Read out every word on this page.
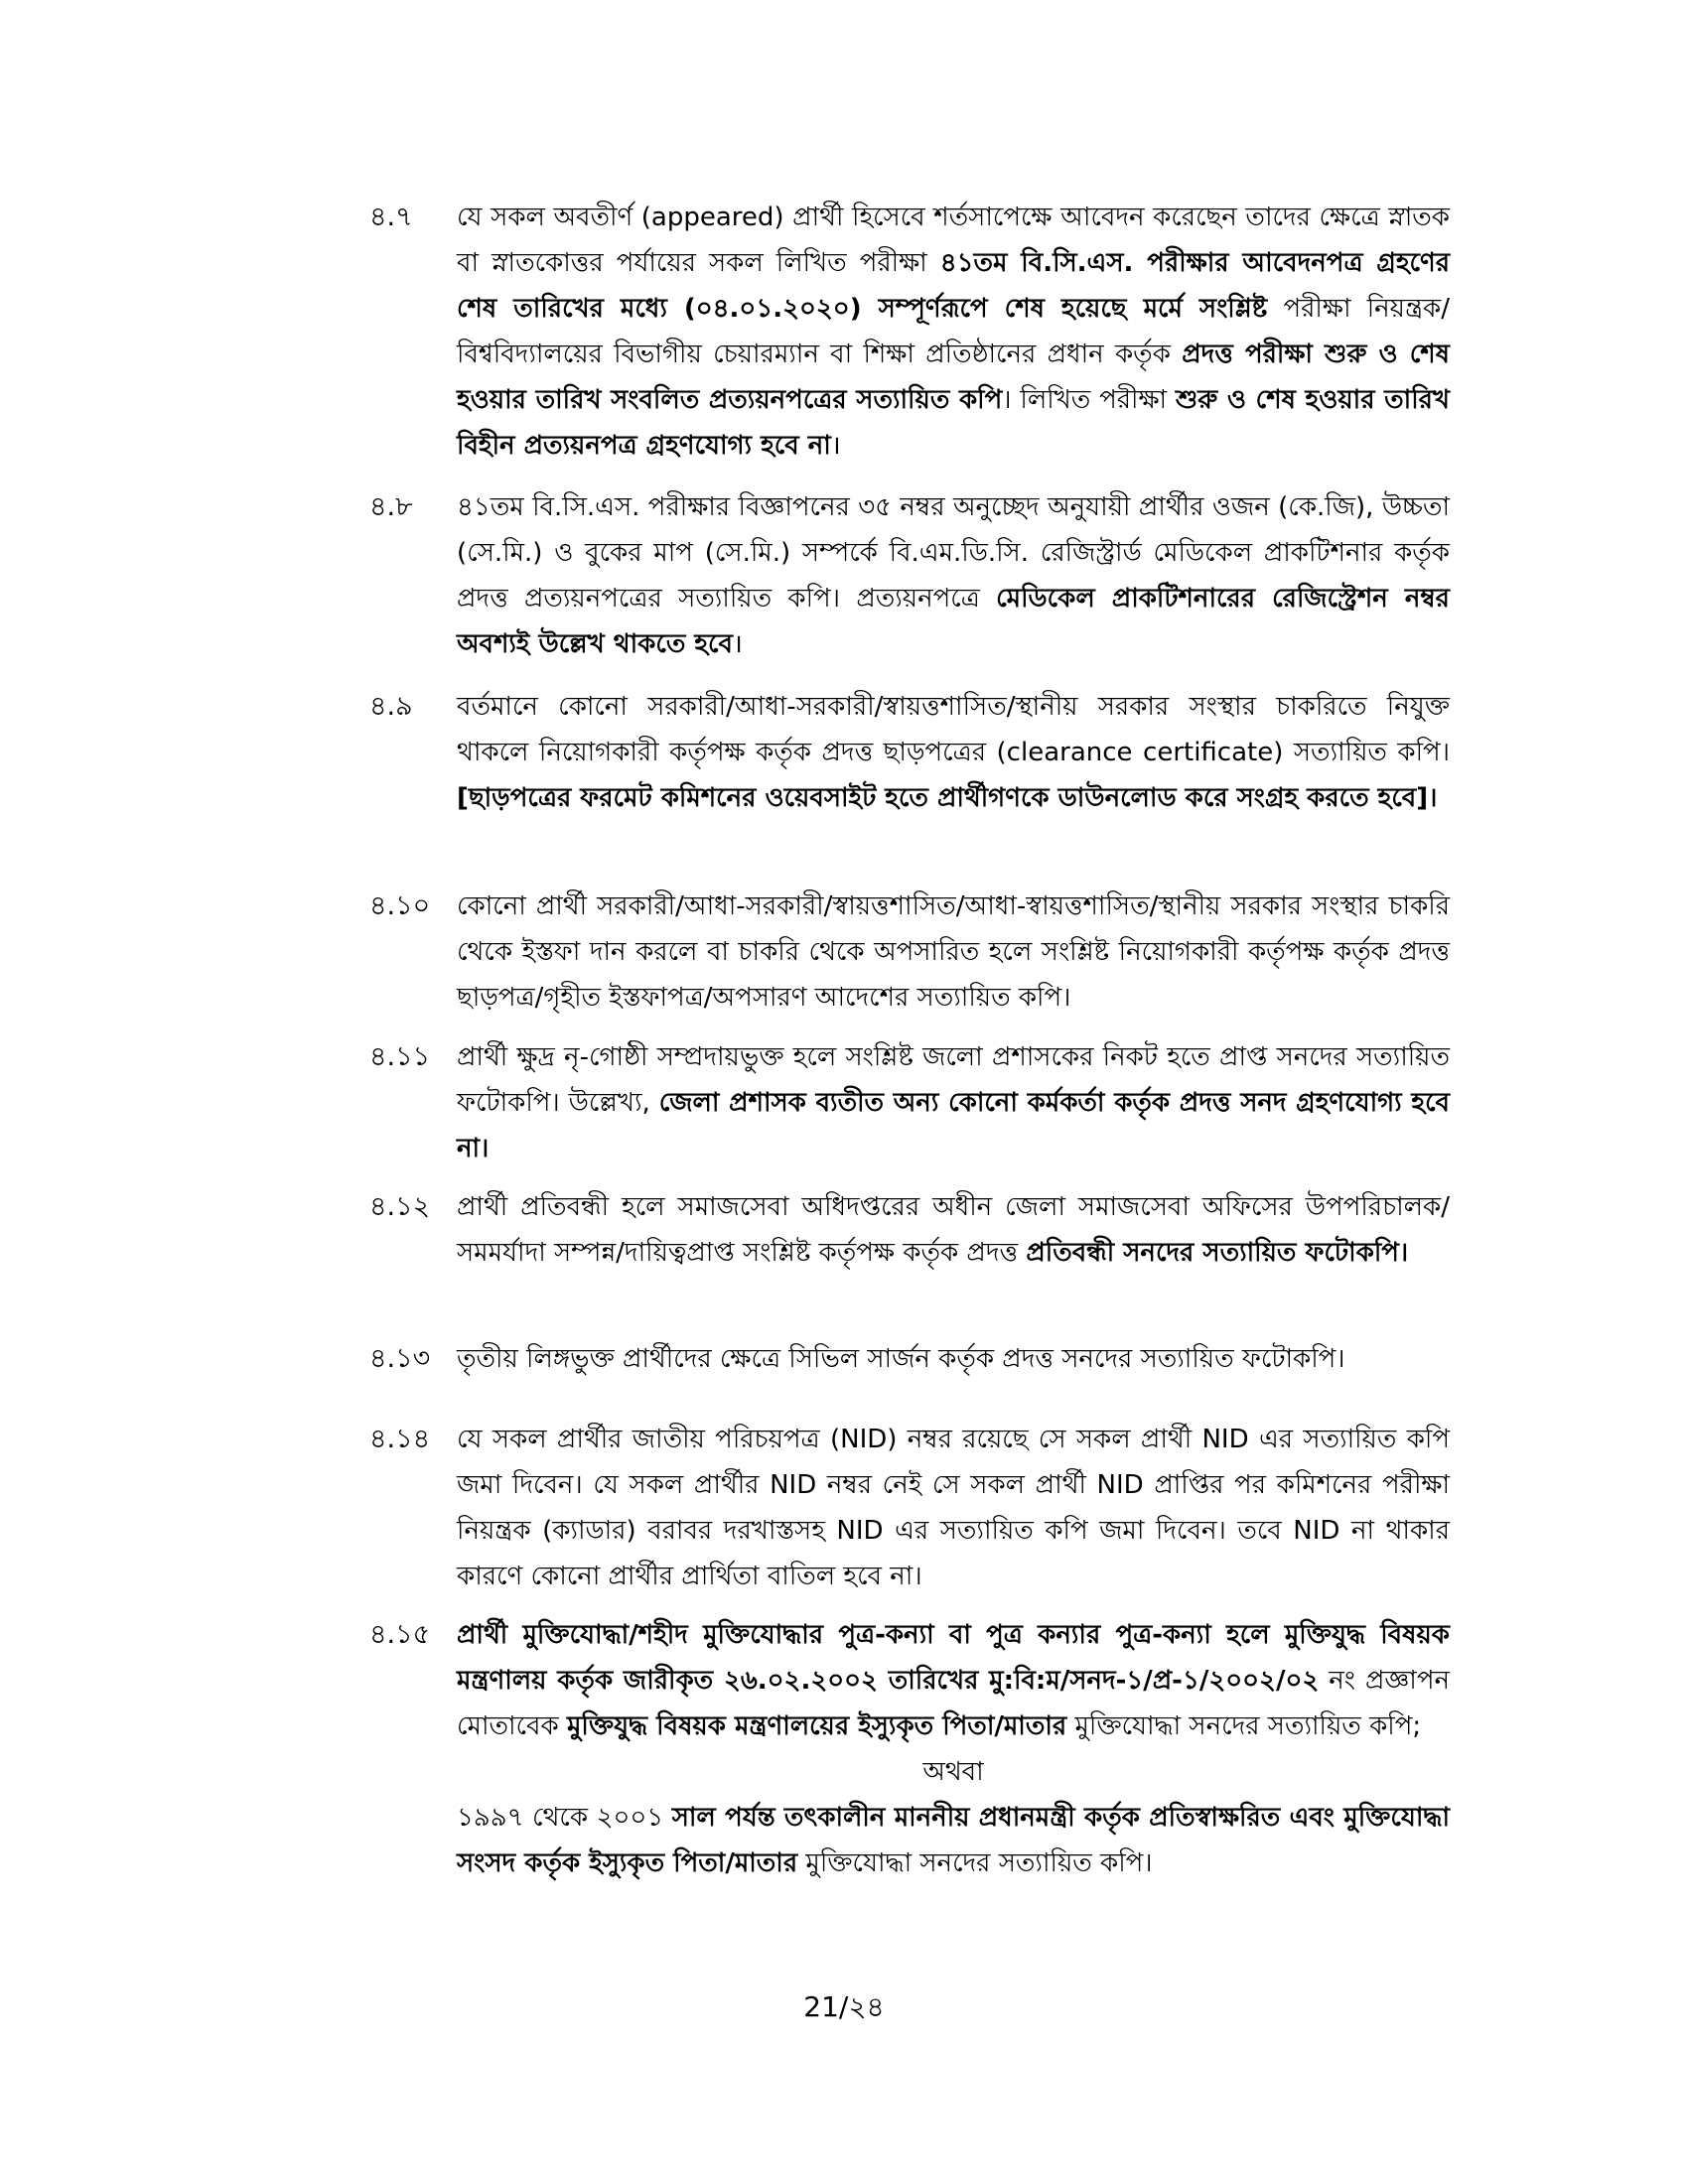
৪.৭ যে সকল অবতীর্ণ (appeared) প্রার্থী হিসেবে শর্তসাপেক্ষে আবেদন করেছেন তাদের ক্ষেত্রে স্নাতক বা স্নাতকোত্তর পর্যায়ের সকল লিখিত পরীক্ষা ৪১তম বি.সি.এস. পরীক্ষার আবেদনপত্র গ্রহণের শেষ তারিখের মধ্যে (০৪.০১.২০২০) সম্পূর্ণরূপে শেষ হয়েছে মর্মে সংশ্লিষ্ট পরীক্ষা নিয়ন্ত্রক/বিশ্ববিদ্যালয়ের বিভাগীয় চেয়ারম্যান বা শিক্ষা প্রতিষ্ঠানের প্রধান কর্তৃক প্রদত্ত পরীক্ষা শুরু ও শেষ হওয়ার তারিখ সংবলিত প্রত্যয়নপত্রের সত্যায়িত কপি। লিখিত পরীক্ষা শুরু ও শেষ হওয়ার তারিখ বিহীন প্রত্যয়নপত্র গ্রহণযোগ্য হবে না।
৪.৮ ৪১তম বি.সি.এস. পরীক্ষার বিজ্ঞাপনের ৩৫ নম্বর অনুচ্ছেদ অনুযায়ী প্রার্থীর ওজন (কে.জি), উচ্চতা (সে.মি.) ও বুকের মাপ (সে.মি.) সম্পর্কে বি.এম.ডি.সি. রেজিস্ট্রার্ড মেডিকেল প্রাকটিশনার কর্তৃক প্রদত্ত প্রত্যয়নপত্রের সত্যায়িত কপি। প্রত্যয়নপত্রে মেডিকেল প্রাকটিশনারের রেজিস্ট্রেশন নম্বর অবশ্যই উল্লেখ থাকতে হবে।
৪.৯ বর্তমানে কোনো সরকারী/আধা-সরকারী/স্বায়ত্তশাসিত/স্থানীয় সরকার সংস্থার চাকরিতে নিযুক্ত থাকলে নিয়োগকারী কর্তৃপক্ষ কর্তৃক প্রদত্ত ছাড়পত্রের (clearance certificate) সত্যায়িত কপি। [ছাড়পত্রের ফরমেট কমিশনের ওয়েবসাইট হতে প্রার্থীগণকে ডাউনলোড করে সংগ্রহ করতে হবে]।
৪.১০ কোনো প্রার্থী সরকারী/আধা-সরকারী/স্বায়ত্তশাসিত/আধা-স্বায়ত্তশাসিত/স্থানীয় সরকার সংস্থার চাকরি থেকে ইস্তফা দান করলে বা চাকরি থেকে অপসারিত হলে সংশ্লিষ্ট নিয়োগকারী কর্তৃপক্ষ কর্তৃক প্রদত্ত ছাড়পত্র/গৃহীত ইস্তফাপত্র/অপসারণ আদেশের সত্যায়িত কপি।
৪.১১ প্রার্থী ক্ষুদ্র নৃ-গোষ্ঠী সম্প্রদায়ভুক্ত হলে সংশ্লিষ্ট জলো প্রশাসকের নিকট হতে প্রাপ্ত সনদের সত্যায়িত ফটোকপি। উল্লেখ্য, জেলা প্রশাসক ব্যতীত অন্য কোনো কর্মকর্তা কর্তৃক প্রদত্ত সনদ গ্রহণযোগ্য হবে না।
৪.১২ প্রার্থী প্রতিবন্ধী হলে সমাজসেবা অধিদপ্তরের অধীন জেলা সমাজসেবা অফিসের উপপরিচালক/সমমর্যাদা সম্পন্ন/দায়িত্বপ্রাপ্ত সংশ্লিষ্ট কর্তৃপক্ষ কর্তৃক প্রদত্ত প্রতিবন্ধী সনদের সত্যায়িত ফটোকপি।
৪.১৩ তৃতীয় লিঙ্গভুক্ত প্রার্থীদের ক্ষেত্রে সিভিল সার্জন কর্তৃক প্রদত্ত সনদের সত্যায়িত ফটোকপি।
৪.১৪ যে সকল প্রার্থীর জাতীয় পরিচয়পত্র (NID) নম্বর রয়েছে সে সকল প্রার্থী NID এর সত্যায়িত কপি জমা দিবেন। যে সকল প্রার্থীর NID নম্বর নেই সে সকল প্রার্থী NID প্রাপ্তির পর কমিশনের পরীক্ষা নিয়ন্ত্রক (ক্যাডার) বরাবর দরখাস্তসহ NID এর সত্যায়িত কপি জমা দিবেন। তবে NID না থাকার কারণে কোনো প্রার্থীর প্রার্থিতা বাতিল হবে না।
৪.১৫ প্রার্থী মুক্তিযোদ্ধা/শহীদ মুক্তিযোদ্ধার পুত্র-কন্যা বা পুত্র কন্যার পুত্র-কন্যা হলে মুক্তিযুদ্ধ বিষয়ক মন্ত্রণালয় কর্তৃক জারীকৃত ২৬.০২.২০০২ তারিখের মু:বি:ম/সনদ-১/প্র-১/২০০২/০২ নং প্রজ্ঞাপন মোতাবেক মুক্তিযুদ্ধ বিষয়ক মন্ত্রণালয়ের ইস্যুকৃত পিতা/মাতার মুক্তিযোদ্ধা সনদের সত্যায়িত কপি;
অথবা
১৯৯৭ থেকে ২০০১ সাল পর্যন্ত তৎকালীন মাননীয় প্রধানমন্ত্রী কর্তৃক প্রতিস্বাক্ষরিত এবং মুক্তিযোদ্ধা সংসদ কর্তৃক ইস্যুকৃত পিতা/মাতার মুক্তিযোদ্ধা সনদের সত্যায়িত কপি।
21/২৪
